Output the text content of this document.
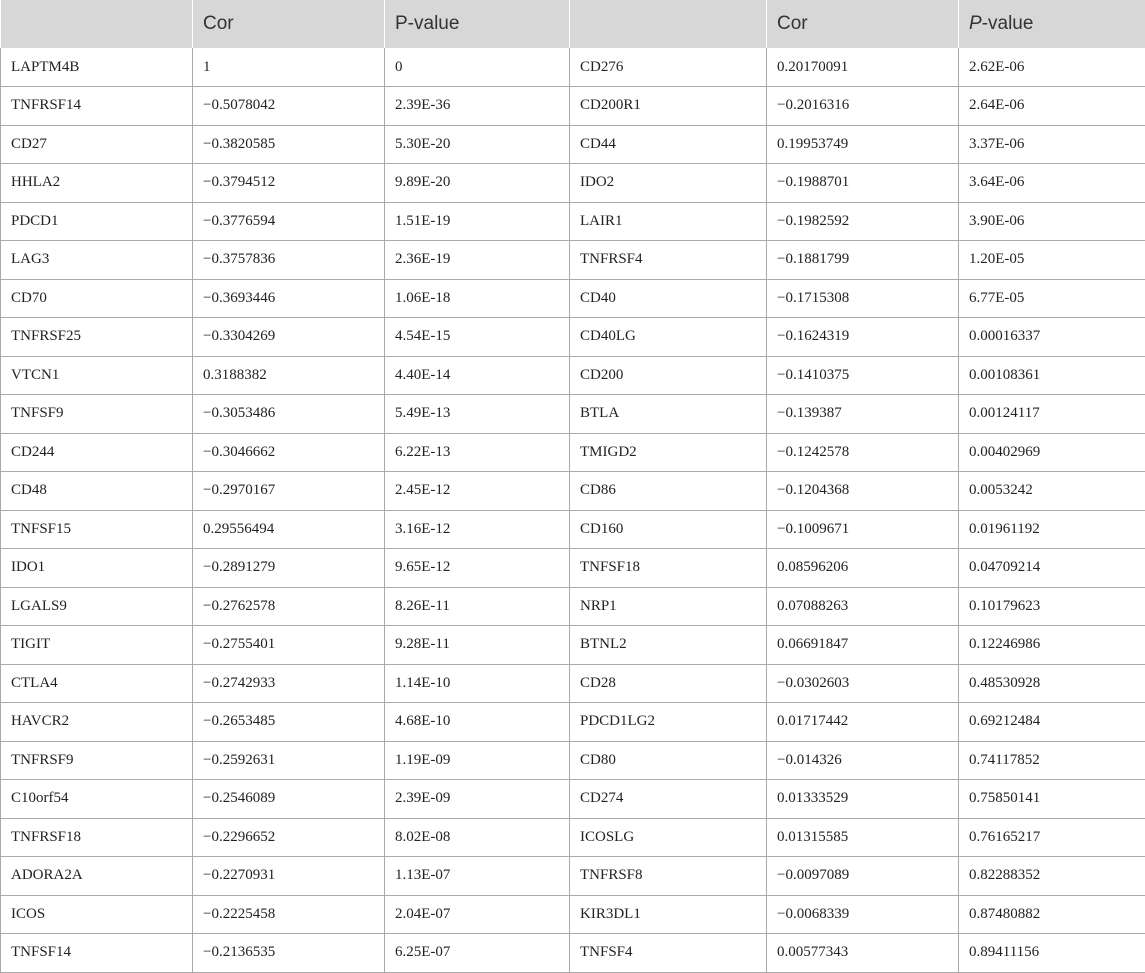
	Cor	P-value		Cor	P-value
LAPTM4B	1	0	CD276	0.20170091	2.62E-06
TNFRSF14	−0.5078042	2.39E-36	CD200R1	−0.2016316	2.64E-06
CD27	−0.3820585	5.30E-20	CD44	0.19953749	3.37E-06
HHLA2	−0.3794512	9.89E-20	IDO2	−0.1988701	3.64E-06
PDCD1	−0.3776594	1.51E-19	LAIR1	−0.1982592	3.90E-06
LAG3	−0.3757836	2.36E-19	TNFRSF4	−0.1881799	1.20E-05
CD70	−0.3693446	1.06E-18	CD40	−0.1715308	6.77E-05
TNFRSF25	−0.3304269	4.54E-15	CD40LG	−0.1624319	0.00016337
VTCN1	0.3188382	4.40E-14	CD200	−0.1410375	0.00108361
TNFSF9	−0.3053486	5.49E-13	BTLA	−0.139387	0.00124117
CD244	−0.3046662	6.22E-13	TMIGD2	−0.1242578	0.00402969
CD48	−0.2970167	2.45E-12	CD86	−0.1204368	0.0053242
TNFSF15	0.29556494	3.16E-12	CD160	−0.1009671	0.01961192
IDO1	−0.2891279	9.65E-12	TNFSF18	0.08596206	0.04709214
LGALS9	−0.2762578	8.26E-11	NRP1	0.07088263	0.10179623
TIGIT	−0.2755401	9.28E-11	BTNL2	0.06691847	0.12246986
CTLA4	−0.2742933	1.14E-10	CD28	−0.0302603	0.48530928
HAVCR2	−0.2653485	4.68E-10	PDCD1LG2	0.01717442	0.69212484
TNFRSF9	−0.2592631	1.19E-09	CD80	−0.014326	0.74117852
C10orf54	−0.2546089	2.39E-09	CD274	0.01333529	0.75850141
TNFRSF18	−0.2296652	8.02E-08	ICOSLG	0.01315585	0.76165217
ADORA2A	−0.2270931	1.13E-07	TNFRSF8	−0.0097089	0.82288352
ICOS	−0.2225458	2.04E-07	KIR3DL1	−0.0068339	0.87480882
TNFSF14	−0.2136535	6.25E-07	TNFSF4	0.00577343	0.89411156
